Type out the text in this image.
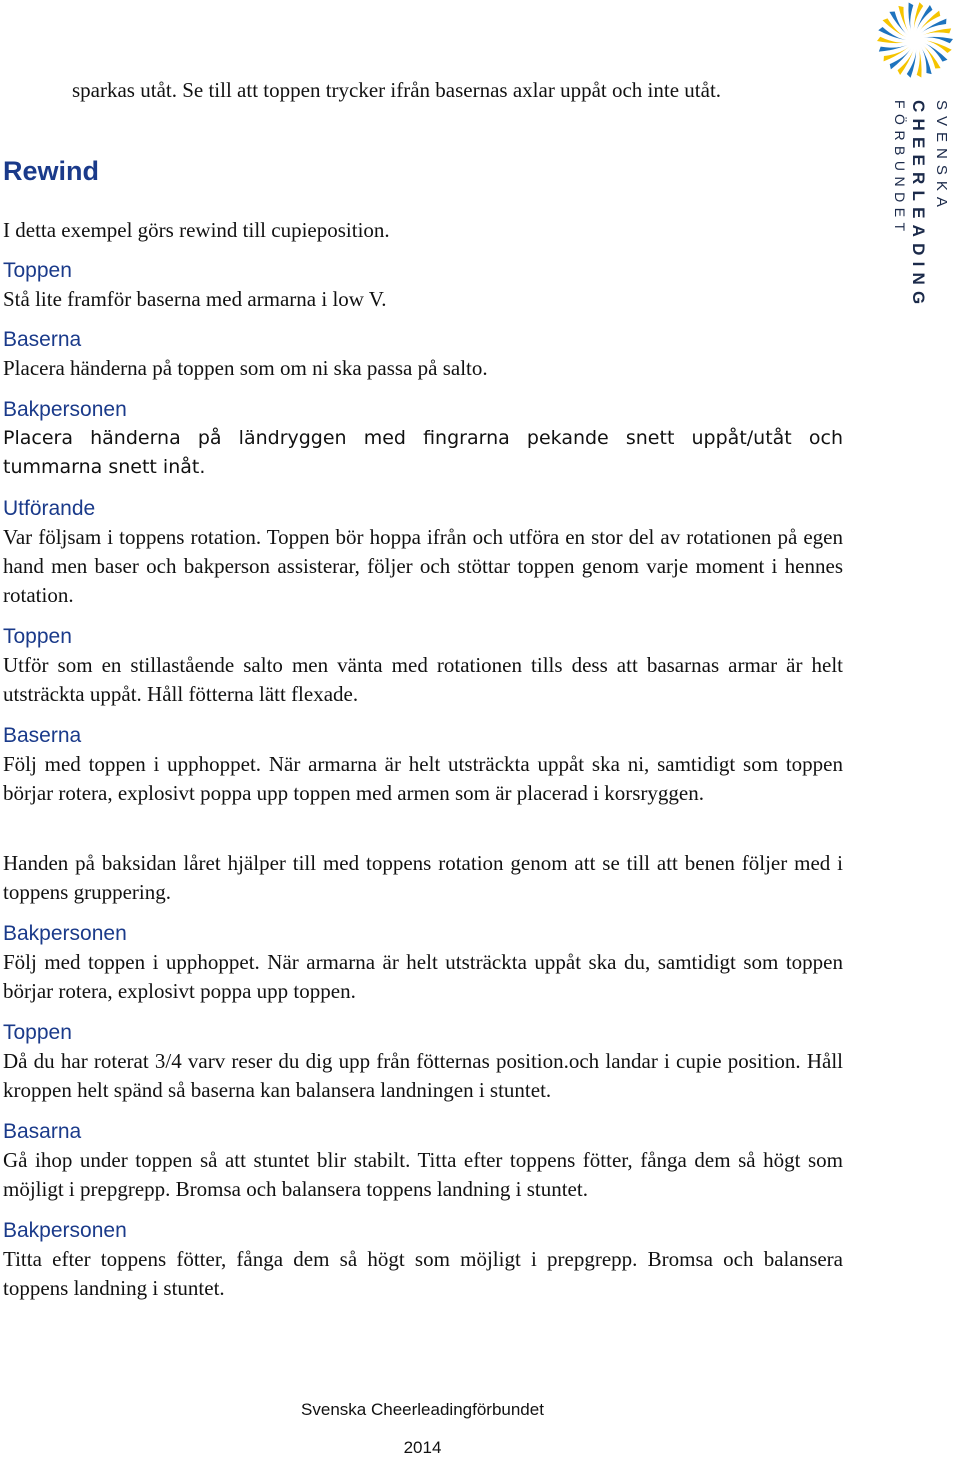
SVENSKA
CHEERLEADING
FÖRBUNDET

sparkas utåt. Se till att toppen trycker ifrån basernas axlar uppåt och inte utåt.

Rewind

I detta exempel görs rewind till cupieposition.

Toppen

Stå lite framför baserna med armarna i low V.

Baserna

Placera händerna på toppen som om ni ska passa på salto.

Bakpersonen

Placera händerna på ländryggen med fingrarna pekande snett uppåt/utåt och tummarna snett inåt.

Utförande

Var följsam i toppens rotation. Toppen bör hoppa ifrån och utföra en stor del av rotationen på egen hand men baser och bakperson assisterar, följer och stöttar toppen genom varje moment i hennes rotation.

Toppen

Utför som en stillastående salto men vänta med rotationen tills dess att basarnas armar är helt utsträckta uppåt. Håll fötterna lätt flexade.

Baserna

Följ med toppen i upphoppet. När armarna är helt utsträckta uppåt ska ni, samtidigt som toppen börjar rotera, explosivt poppa upp toppen med armen som är placerad i korsryggen.

Handen på baksidan låret hjälper till med toppens rotation genom att se till att benen följer med i toppens gruppering.

Bakpersonen

Följ med toppen i upphoppet. När armarna är helt utsträckta uppåt ska du, samtidigt som toppen börjar rotera, explosivt poppa upp toppen.

Toppen

Då du har roterat 3/4 varv reser du dig upp från fötternas position.och landar i cupie position. Håll kroppen helt spänd så baserna kan balansera landningen i stuntet.

Basarna

Gå ihop under toppen så att stuntet blir stabilt. Titta efter toppens fötter, fånga dem så högt som möjligt i prepgrepp. Bromsa och balansera toppens landning i stuntet.

Bakpersonen

Titta efter toppens fötter, fånga dem så högt som möjligt i prepgrepp. Bromsa och balansera toppens landning i stuntet.

Svenska Cheerleadingförbundet
2014
